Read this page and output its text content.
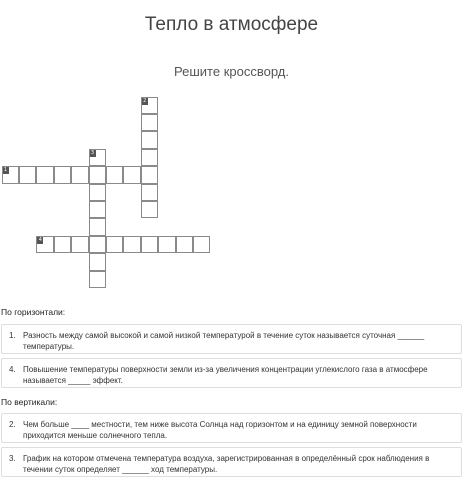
Тепло в атмосфере
Решите кроссворд.
1
2
3
4
По горизонтали:
1. Разность между самой высокой и самой низкой температурой в течение суток называется суточная ______ температуры.
4. Повышение температуры поверхности земли из-за увеличения концентрации углекислого газа в атмосфере называется _____ эффект.
По вертикали:
2. Чем больше ____ местности, тем ниже высота Солнца над горизонтом и на единицу земной поверхности приходится меньше солнечного тепла.
3. График на котором отмечена температура воздуха, зарегистрированная в определённый срок наблюдения в течении суток определяет ______ ход температуры.
